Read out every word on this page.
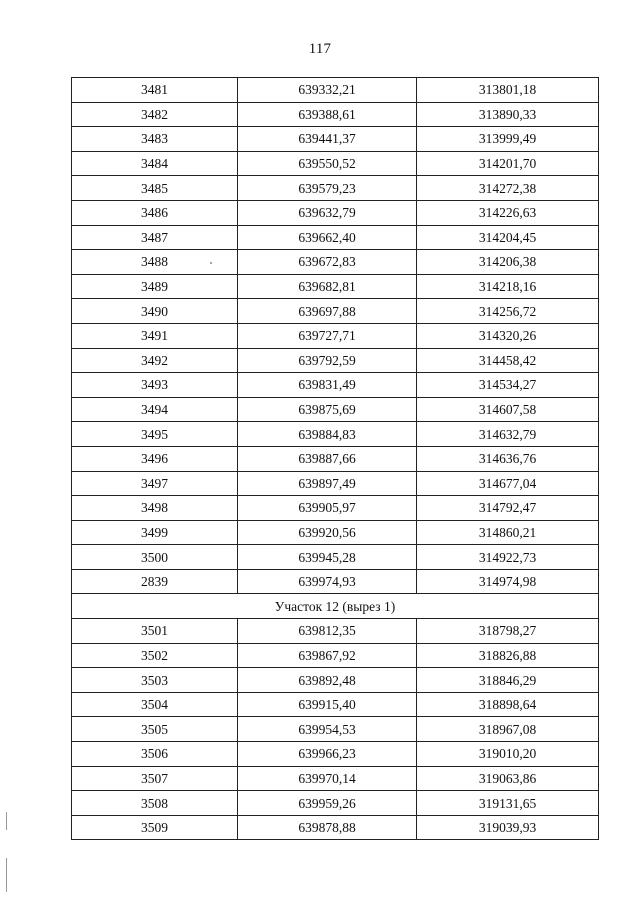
117
3481	639332,21	313801,18
3482	639388,61	313890,33
3483	639441,37	313999,49
3484	639550,52	314201,70
3485	639579,23	314272,38
3486	639632,79	314226,63
3487	639662,40	314204,45
3488	639672,83	314206,38
3489	639682,81	314218,16
3490	639697,88	314256,72
3491	639727,71	314320,26
3492	639792,59	314458,42
3493	639831,49	314534,27
3494	639875,69	314607,58
3495	639884,83	314632,79
3496	639887,66	314636,76
3497	639897,49	314677,04
3498	639905,97	314792,47
3499	639920,56	314860,21
3500	639945,28	314922,73
2839	639974,93	314974,98
Участок 12 (вырез 1)		
3501	639812,35	318798,27
3502	639867,92	318826,88
3503	639892,48	318846,29
3504	639915,40	318898,64
3505	639954,53	318967,08
3506	639966,23	319010,20
3507	639970,14	319063,86
3508	639959,26	319131,65
3509	639878,88	319039,93
